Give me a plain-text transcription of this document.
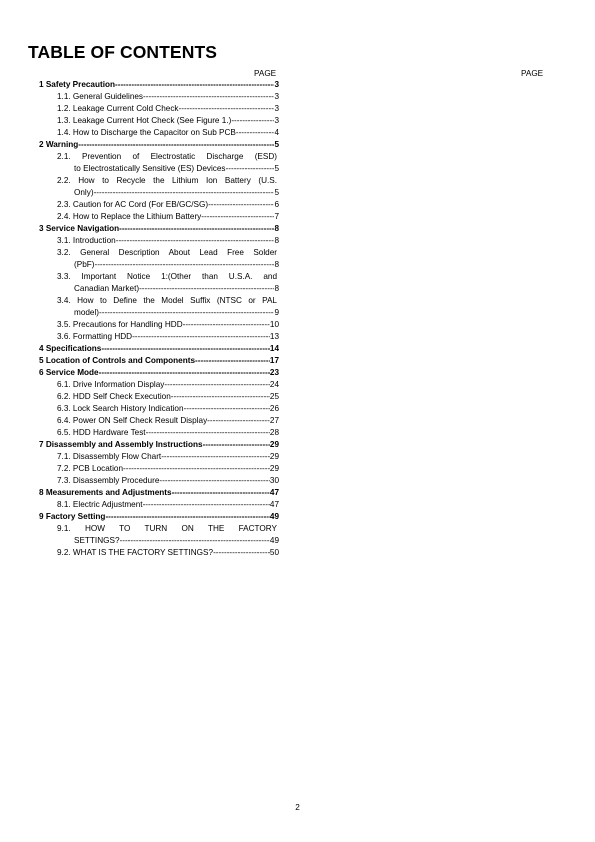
TABLE OF CONTENTS
PAGE	PAGE
1 Safety Precaution -----	3
1.1. General Guidelines -----	3
1.2. Leakage Current Cold Check -----	3
1.3. Leakage Current Hot Check (See Figure 1.) -----	3
1.4. How to Discharge the Capacitor on Sub PCB -----	4
2 Warning -----	5
2.1. Prevention of Electrostatic Discharge (ESD)
to Electrostatically Sensitive (ES) Devices -----	5
2.2. How to Recycle the Lithium Ion Battery (U.S.
Only) -----	5
2.3. Caution for AC Cord (For EB/GC/SG) -----	6
2.4. How to Replace the Lithium Battery -----	7
3 Service Navigation -----	8
3.1. Introduction -----	8
3.2. General Description About Lead Free Solder
(PbF) -----	8
3.3. Important Notice 1:(Other than U.S.A. and
Canadian Market) -----	8
3.4. How to Define the Model Suffix (NTSC or PAL
model) -----	9
3.5. Precautions for Handling HDD -----	10
3.6. Formatting HDD -----	13
4 Specifications -----	14
5 Location of Controls and Components -----	17
6 Service Mode -----	23
6.1. Drive Information Display -----	24
6.2. HDD Self Check Execution -----	25
6.3. Lock Search History Indication -----	26
6.4. Power ON Self Check Result Display -----	27
6.5. HDD Hardware Test -----	28
7 Disassembly and Assembly Instructions -----	29
7.1. Disassembly Flow Chart -----	29
7.2. PCB Location -----	29
7.3. Disassembly Procedure -----	30
8 Measurements and Adjustments -----	47
8.1. Electric Adjustment -----	47
9 Factory Setting -----	49
9.1. HOW TO TURN ON THE FACTORY
SETTINGS? -----	49
9.2. WHAT IS THE FACTORY SETTINGS? -----	50
2
